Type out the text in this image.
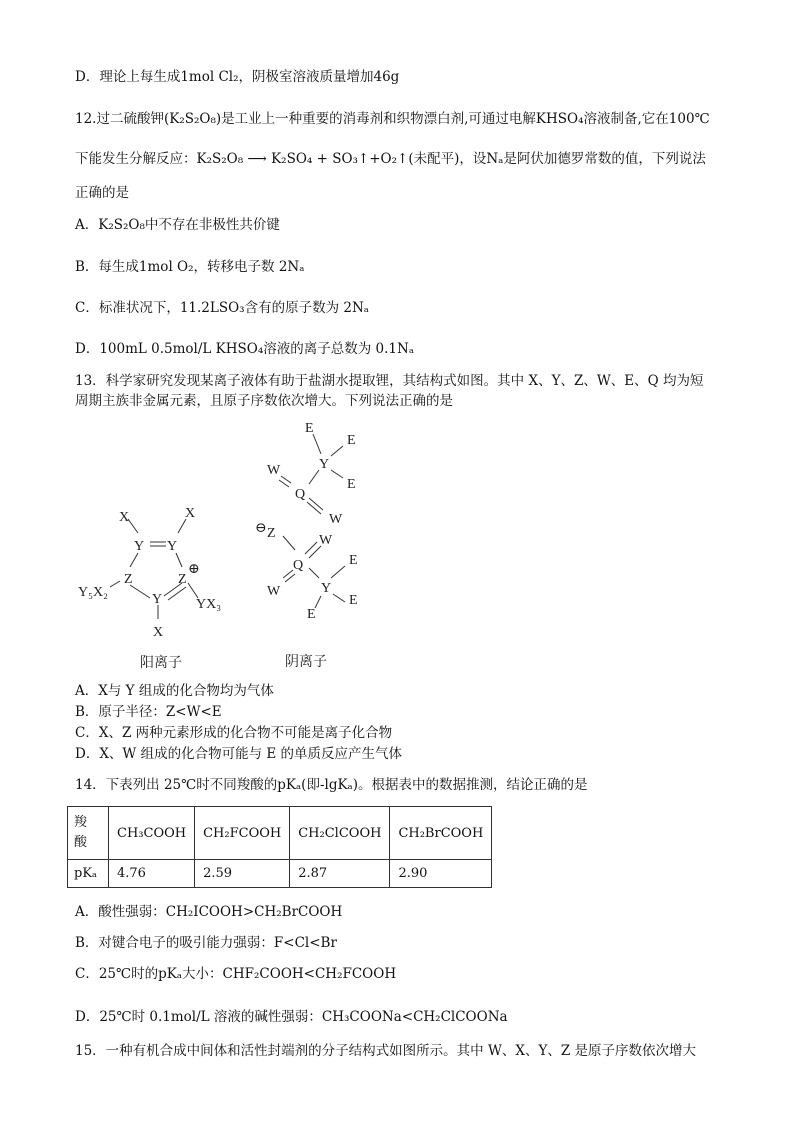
D．理论上每生成1mol Cl₂，阴极室溶液质量增加46g
12.过二硫酸钾(K₂S₂O₈)是工业上一种重要的消毒剂和织物漂白剂,可通过电解KHSO₄溶液制备,它在100℃
下能发生分解反应：K₂S₂O₈ ⟶ K₂SO₄ + SO₃↑+O₂↑(未配平)，设Nₐ是阿伏加德罗常数的值，下列说法
正确的是
A．K₂S₂O₈中不存在非极性共价键
B．每生成1mol O₂，转移电子数 2Nₐ
C．标准状况下，11.2LSO₃含有的原子数为 2Nₐ
D．100mL 0.5mol/L KHSO₄溶液的离子总数为 0.1Nₐ
13．科学家研究发现某离子液体有助于盐湖水提取锂，其结构式如图。其中 X、Y、Z、W、E、Q 均为短
周期主族非金属元素，且原子序数依次增大。下列说法正确的是
X	X
Y Y
Z	Z
⊕
Y₅X₂	Y YX₃
X
阳离子
E
E
W	Y
E
Q
W
⊖ Z	W
Q	E
W	Y
E
E
阴离子
A．X与 Y 组成的化合物均为气体
B．原子半径：Z<W<E
C．X、Z 两种元素形成的化合物不可能是离子化合物
D．X、W 组成的化合物可能与 E 的单质反应产生气体
14．下表列出 25℃时不同羧酸的pKₐ(即-lgKₐ)。根据表中的数据推测，结论正确的是
羧
酸	CH₃COOH	CH₂FCOOH	CH₂ClCOOH	CH₂BrCOOH
pKₐ	4.76	2.59	2.87	2.90
A．酸性强弱：CH₂ICOOH>CH₂BrCOOH
B．对键合电子的吸引能力强弱：F<Cl<Br
C．25℃时的pKₐ大小：CHF₂COOH<CH₂FCOOH
D．25℃时 0.1mol/L 溶液的碱性强弱：CH₃COONa<CH₂ClCOONa
15．一种有机合成中间体和活性封端剂的分子结构式如图所示。其中 W、X、Y、Z 是原子序数依次增大
